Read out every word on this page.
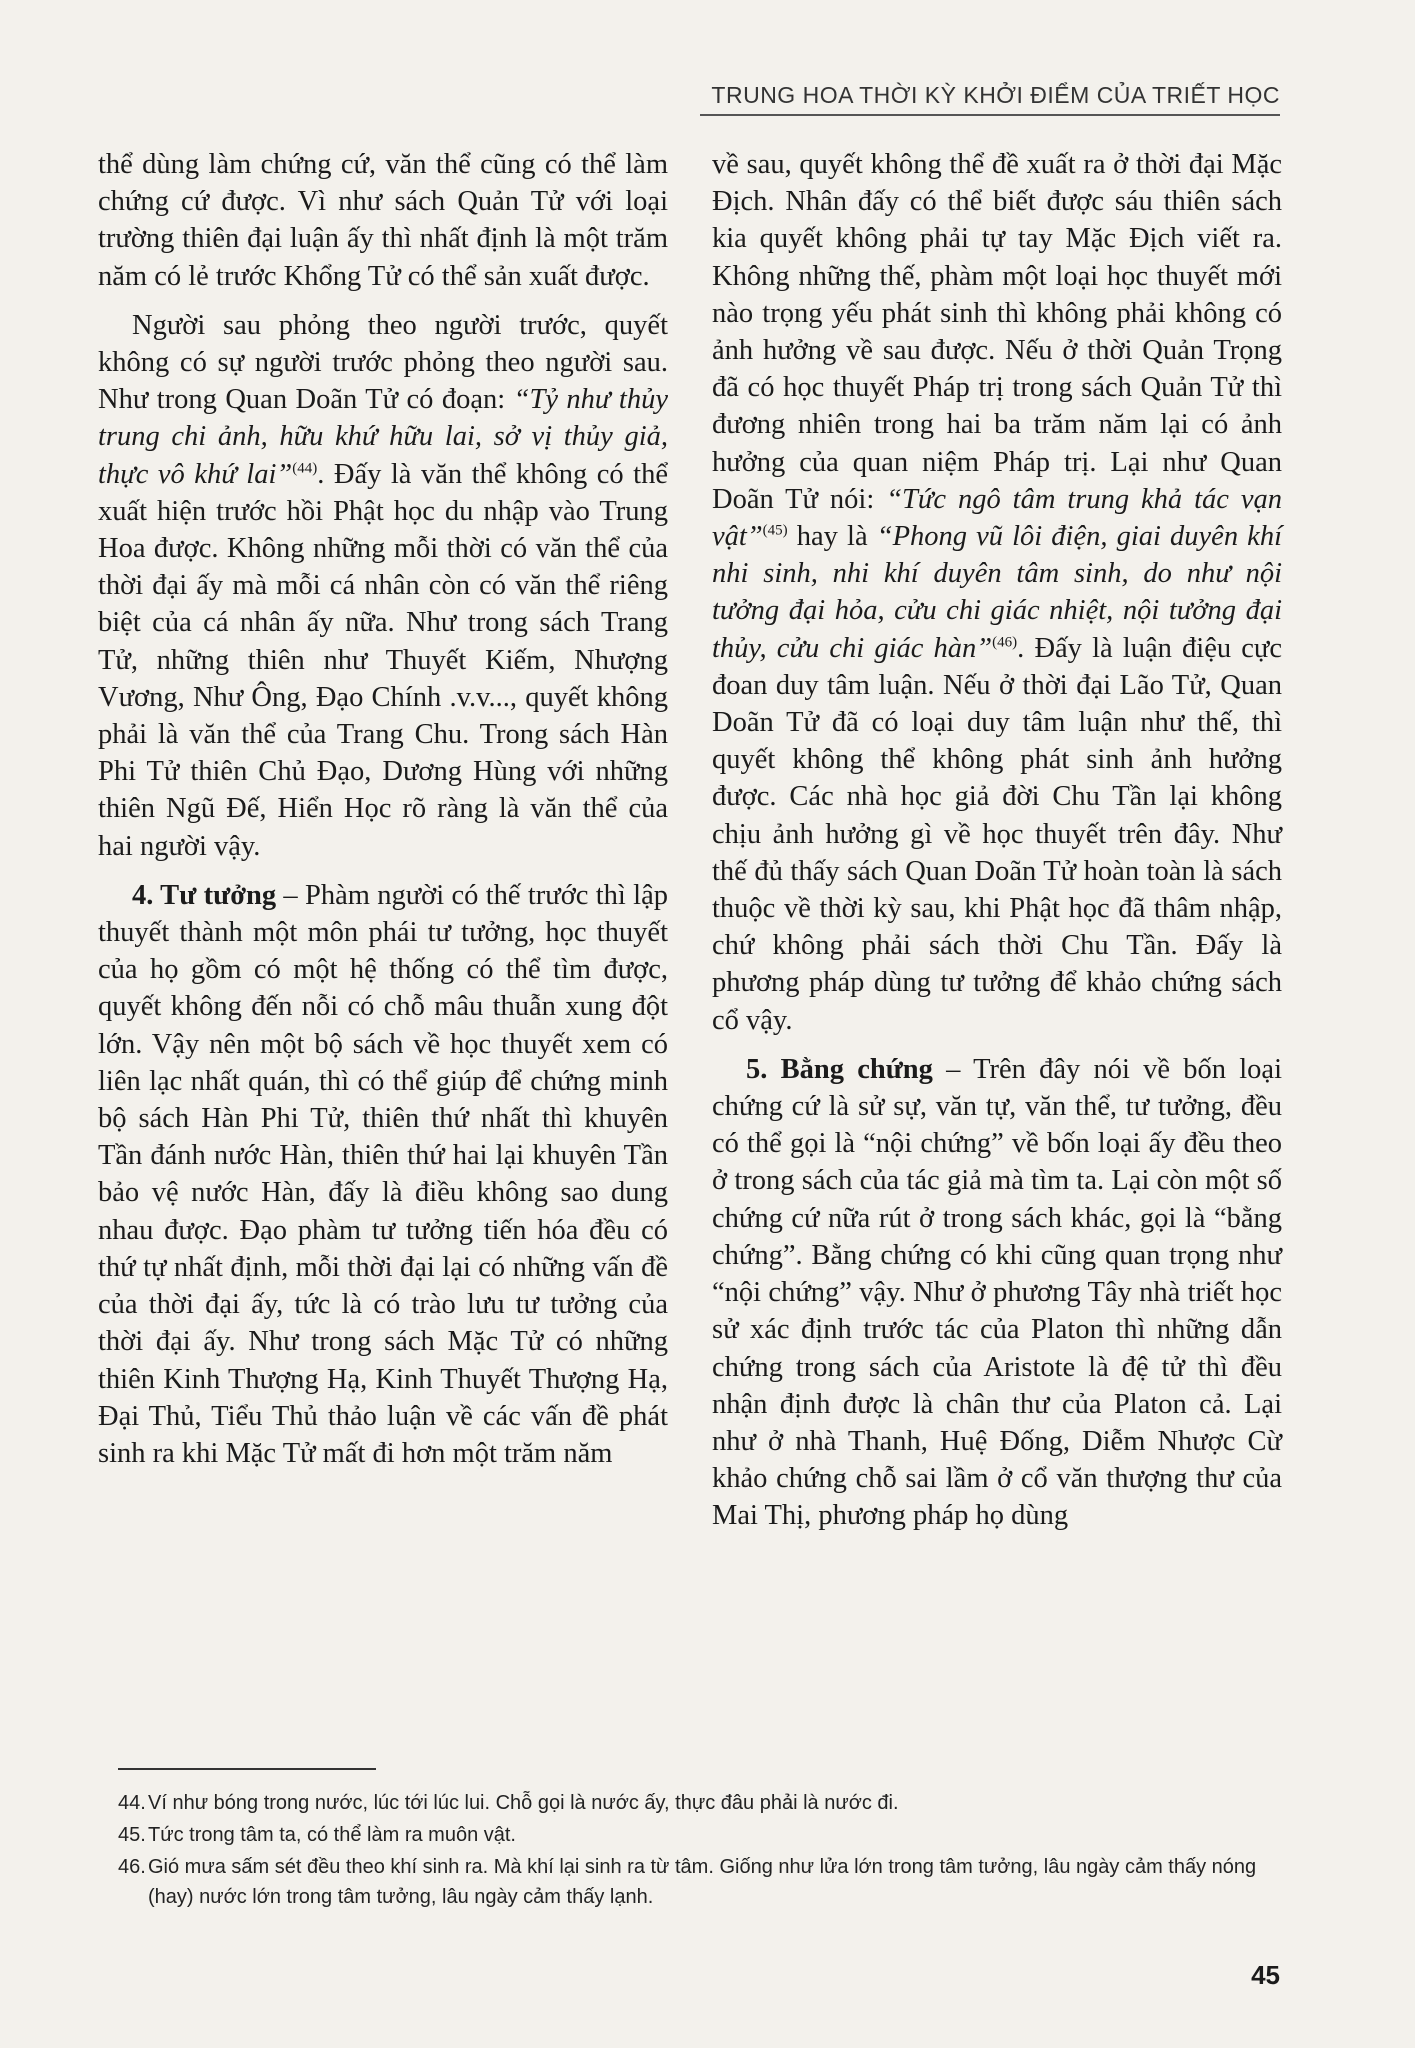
TRUNG HOA THỜI KỲ KHỞI ĐIỂM CỦA TRIẾT HỌC

thể dùng làm chứng cứ, văn thể cũng có thể làm chứng cứ được. Vì như sách Quản Tử với loại trường thiên đại luận ấy thì nhất định là một trăm năm có lẻ trước Khổng Tử có thể sản xuất được.

Người sau phỏng theo người trước, quyết không có sự người trước phỏng theo người sau. Như trong Quan Doãn Tử có đoạn: “Tỷ như thủy trung chi ảnh, hữu khứ hữu lai, sở vị thủy giả, thực vô khứ lai”$^{(44)}$. Đấy là văn thể không có thể xuất hiện trước hồi Phật học du nhập vào Trung Hoa được. Không những mỗi thời có văn thể của thời đại ấy mà mỗi cá nhân còn có văn thể riêng biệt của cá nhân ấy nữa. Như trong sách Trang Tử, những thiên như Thuyết Kiếm, Nhượng Vương, Như Ông, Đạo Chính .v.v..., quyết không phải là văn thể của Trang Chu. Trong sách Hàn Phi Tử thiên Chủ Đạo, Dương Hùng với những thiên Ngũ Đế, Hiển Học rõ ràng là văn thể của hai người vậy.

4. Tư tưởng – Phàm người có thế trước thì lập thuyết thành một môn phái tư tưởng, học thuyết của họ gồm có một hệ thống có thể tìm được, quyết không đến nỗi có chỗ mâu thuẫn xung đột lớn. Vậy nên một bộ sách về học thuyết xem có liên lạc nhất quán, thì có thể giúp để chứng minh bộ sách Hàn Phi Tử, thiên thứ nhất thì khuyên Tần đánh nước Hàn, thiên thứ hai lại khuyên Tần bảo vệ nước Hàn, đấy là điều không sao dung nhau được. Đạo phàm tư tưởng tiến hóa đều có thứ tự nhất định, mỗi thời đại lại có những vấn đề của thời đại ấy, tức là có trào lưu tư tưởng của thời đại ấy. Như trong sách Mặc Tử có những thiên Kinh Thượng Hạ, Kinh Thuyết Thượng Hạ, Đại Thủ, Tiểu Thủ thảo luận về các vấn đề phát sinh ra khi Mặc Tử mất đi hơn một trăm năm

về sau, quyết không thể đề xuất ra ở thời đại Mặc Địch. Nhân đấy có thể biết được sáu thiên sách kia quyết không phải tự tay Mặc Địch viết ra. Không những thế, phàm một loại học thuyết mới nào trọng yếu phát sinh thì không phải không có ảnh hưởng về sau được. Nếu ở thời Quản Trọng đã có học thuyết Pháp trị trong sách Quản Tử thì đương nhiên trong hai ba trăm năm lại có ảnh hưởng của quan niệm Pháp trị. Lại như Quan Doãn Tử nói: “Tức ngô tâm trung khả tác vạn vật”$^{(45)}$ hay là “Phong vũ lôi điện, giai duyên khí nhi sinh, nhi khí duyên tâm sinh, do như nội tưởng đại hỏa, cửu chi giác nhiệt, nội tưởng đại thủy, cửu chi giác hàn”$^{(46)}$. Đấy là luận điệu cực đoan duy tâm luận. Nếu ở thời đại Lão Tử, Quan Doãn Tử đã có loại duy tâm luận như thế, thì quyết không thể không phát sinh ảnh hưởng được. Các nhà học giả đời Chu Tần lại không chịu ảnh hưởng gì về học thuyết trên đây. Như thế đủ thấy sách Quan Doãn Tử hoàn toàn là sách thuộc về thời kỳ sau, khi Phật học đã thâm nhập, chứ không phải sách thời Chu Tần. Đấy là phương pháp dùng tư tưởng để khảo chứng sách cổ vậy.

5. Bằng chứng – Trên đây nói về bốn loại chứng cứ là sử sự, văn tự, văn thể, tư tưởng, đều có thể gọi là “nội chứng” về bốn loại ấy đều theo ở trong sách của tác giả mà tìm ta. Lại còn một số chứng cứ nữa rút ở trong sách khác, gọi là “bằng chứng”. Bằng chứng có khi cũng quan trọng như “nội chứng” vậy. Như ở phương Tây nhà triết học sử xác định trước tác của Platon thì những dẫn chứng trong sách của Aristote là đệ tử thì đều nhận định được là chân thư của Platon cả. Lại như ở nhà Thanh, Huệ Đống, Diễm Nhược Cừ khảo chứng chỗ sai lầm ở cổ văn thượng thư của Mai Thị, phương pháp họ dùng

44. Ví như bóng trong nước, lúc tới lúc lui. Chỗ gọi là nước ấy, thực đâu phải là nước đi.
45. Tức trong tâm ta, có thể làm ra muôn vật.
46. Gió mưa sấm sét đều theo khí sinh ra. Mà khí lại sinh ra từ tâm. Giống như lửa lớn trong tâm tưởng, lâu ngày cảm thấy nóng (hay) nước lớn trong tâm tưởng, lâu ngày cảm thấy lạnh.
45
